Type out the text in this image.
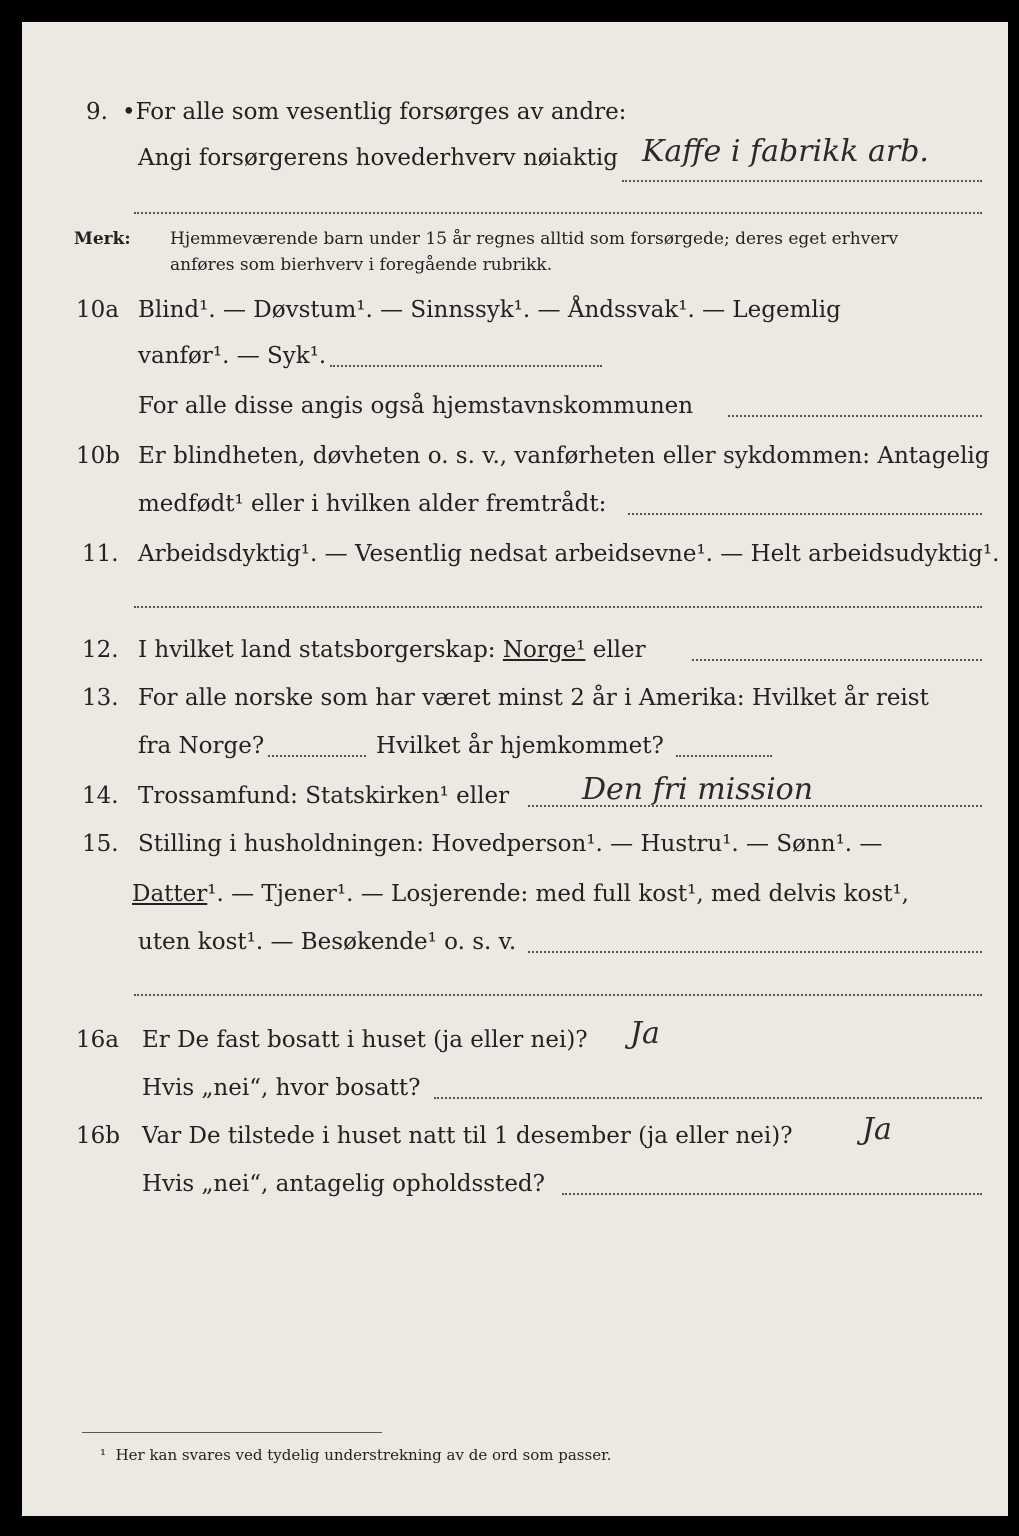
9. •For alle som vesentlig forsørges av andre:
Angi forsørgerens hovederhverv nøiaktig Kaffe i fabrikk arb.
Merk: Hjemmeværende barn under 15 år regnes alltid som forsørgede; deres eget erhverv
anføres som bierhverv i foregående rubrikk.
10a Blind¹. — Døvstum¹. — Sinnssyk¹. — Åndssvak¹. — Legemlig
vanfør¹. — Syk¹.
For alle disse angis også hjemstavnskommunen
10b Er blindheten, døvheten o. s. v., vanførheten eller sykdommen: Antagelig
medfødt¹ eller i hvilken alder fremtrådt:
11. Arbeidsdyktig¹. — Vesentlig nedsat arbeidsevne¹. — Helt arbeidsudyktig¹.
12. I hvilket land statsborgerskap: Norge¹ eller
13. For alle norske som har været minst 2 år i Amerika: Hvilket år reist
fra Norge?	Hvilket år hjemkommet?
14. Trossamfund: Statskirken¹ eller Den fri mission
15. Stilling i husholdningen: Hovedperson¹. — Hustru¹. — Sønn¹. —
Datter¹. — Tjener¹. — Losjerende: med full kost¹, med delvis kost¹,
uten kost¹. — Besøkende¹ o. s. v.
16a Er De fast bosatt i huset (ja eller nei)? Ja
Hvis „nei“, hvor bosatt?
16b Var De tilstede i huset natt til 1 desember (ja eller nei)? Ja
Hvis „nei“, antagelig opholdssted?
¹ Her kan svares ved tydelig understrekning av de ord som passer.
